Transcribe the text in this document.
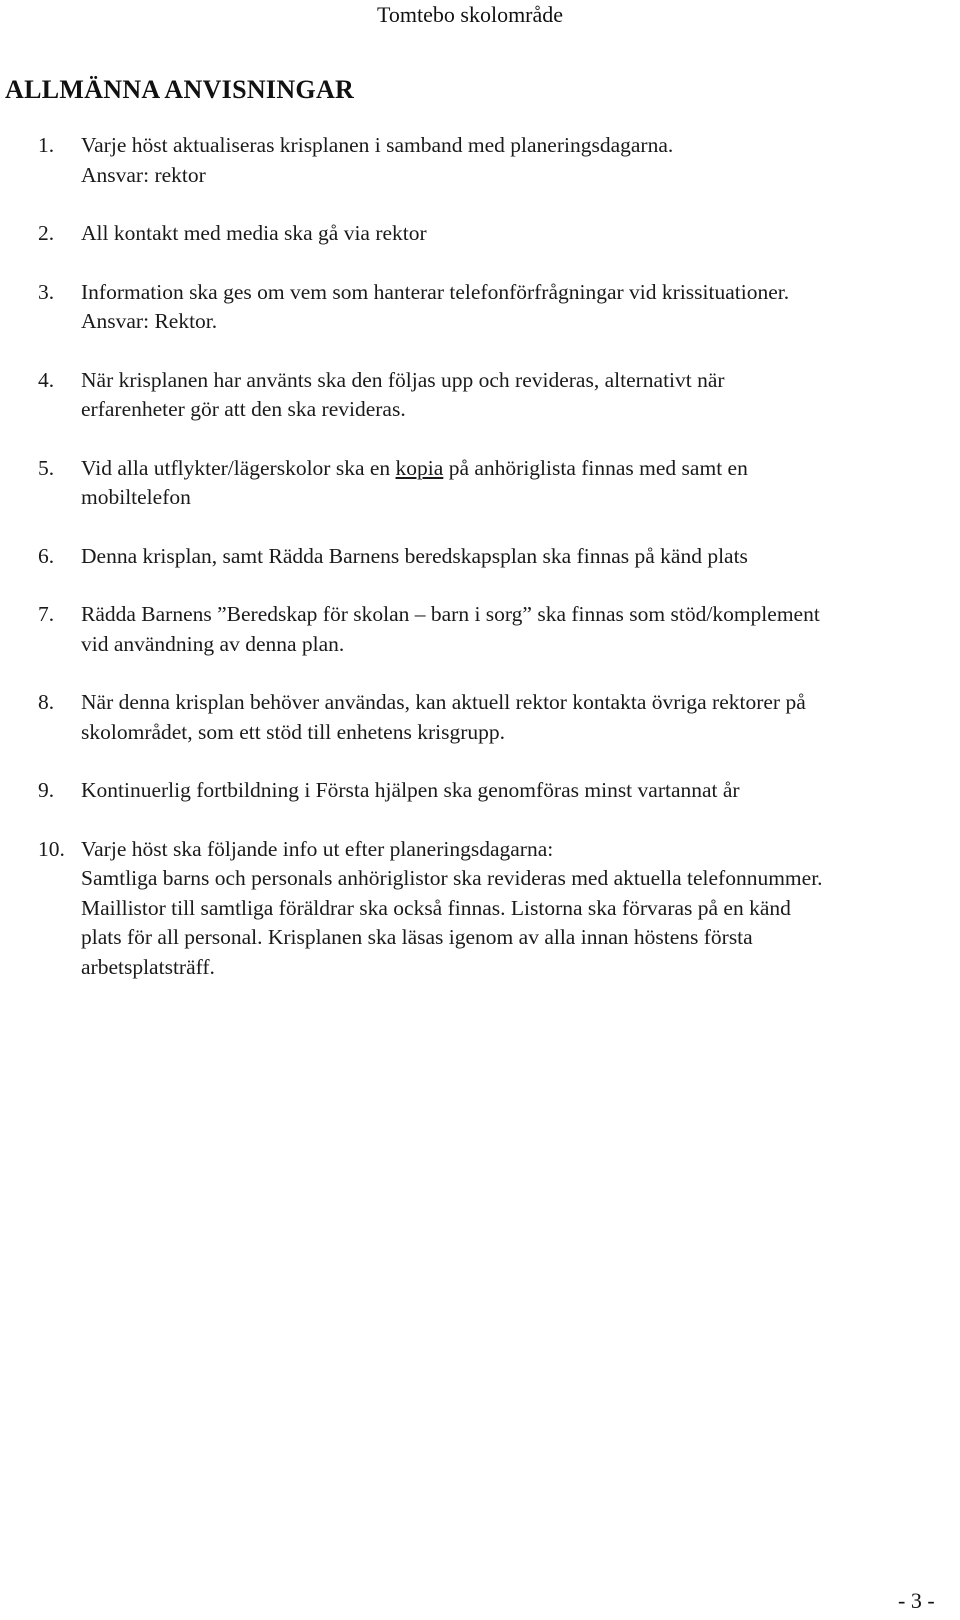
Tomtebo skolområde
ALLMÄNNA ANVISNINGAR
1. Varje höst aktualiseras krisplanen i samband med planeringsdagarna.
Ansvar: rektor
2. All kontakt med media ska gå via rektor
3. Information ska ges om vem som hanterar telefonförfrågningar vid krissituationer.
Ansvar: Rektor.
4. När krisplanen har använts ska den följas upp och revideras, alternativt när
erfarenheter gör att den ska revideras.
5. Vid alla utflykter/lägerskolor ska en kopia på anhöriglista finnas med samt en
mobiltelefon
6. Denna krisplan, samt Rädda Barnens beredskapsplan ska finnas på känd plats
7. Rädda Barnens ”Beredskap för skolan – barn i sorg” ska finnas som stöd/komplement
vid användning av denna plan.
8. När denna krisplan behöver användas, kan aktuell rektor kontakta övriga rektorer på
skolområdet, som ett stöd till enhetens krisgrupp.
9. Kontinuerlig fortbildning i Första hjälpen ska genomföras minst vartannat år
10. Varje höst ska följande info ut efter planeringsdagarna:
Samtliga barns och personals anhöriglistor ska revideras med aktuella telefonnummer.
Maillistor till samtliga föräldrar ska också finnas. Listorna ska förvaras på en känd
plats för all personal. Krisplanen ska läsas igenom av alla innan höstens första
arbetsplatsträff.
- 3 -
